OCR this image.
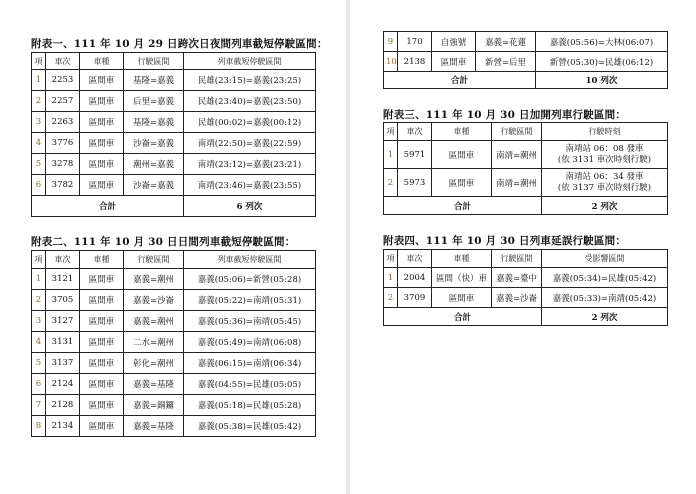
附表一、111 年 10 月 29 日跨次日夜間列車截短停駛區間：
項	車次	車種	行駛區間	列車截短停駛區間
1	2253	區間車	基隆=嘉義	民雄(23:15)=嘉義(23:25)
2	2257	區間車	后里=嘉義	民雄(23:40)=嘉義(23:50)
3	2263	區間車	基隆=嘉義	民雄(00:02)=嘉義(00:12)
4	3776	區間車	沙崙=嘉義	南靖(22:50)=嘉義(22:59)
5	3278	區間車	潮州=嘉義	南靖(23:12)=嘉義(23:21)
6	3782	區間車	沙崙=嘉義	南靖(23:46)=嘉義(23:55)
合計				6 列次
附表二、111 年 10 月 30 日日間列車截短停駛區間：
項	車次	車種	行駛區間	列車截短停駛區間
1	3121	區間車	嘉義=潮州	嘉義(05:06)=新營(05:28)
2	3705	區間車	嘉義=沙崙	嘉義(05:22)=南靖(05:31)
3	3127	區間車	嘉義=潮州	嘉義(05:36)=南靖(05:45)
4	3131	區間車	二水=潮州	嘉義(05:49)=南靖(06:08)
5	3137	區間車	彰化=潮州	嘉義(06:15)=南靖(06:34)
6	2124	區間車	嘉義=基隆	嘉義(04:55)=民雄(05:05)
7	2128	區間車	嘉義=銅鑼	嘉義(05:18)=民雄(05:28)
8	2134	區間車	嘉義=基隆	嘉義(05:38)=民雄(05:42)
9	170	自強號	嘉義=花蓮	嘉義(05:56)=大林(06:07)
10	2138	區間車	新營=后里	新營(05:30)=民雄(06:12)
合計				10 列次
附表三、111 年 10 月 30 日加開列車行駛區間：
項	車次	車種	行駛區間	行駛時刻
1	5971	區間車	南靖=潮州	南靖站 06：08 發車
(依 3131 車次時刻行駛)
2	5973	區間車	南靖=潮州	南靖站 06：34 發車
(依 3137 車次時刻行駛)
合計				2 列次
附表四、111 年 10 月 30 日列車延誤行駛區間：
項	車次	車種	行駛區間	受影響區間
1	2004	區間（快）車	嘉義=臺中	嘉義(05:34)=民雄(05:42)
2	3709	區間車	嘉義=沙崙	嘉義(05:33)=南靖(05:42)
合計				2 列次
